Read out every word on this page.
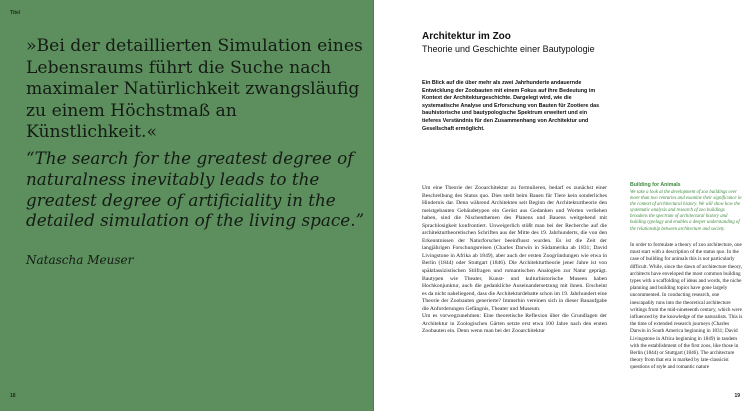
Titel
»Bei der detaillierten Simulation eines Lebensraums führt die Suche nach maximaler Natürlichkeit zwangsläufig zu einem Höchstmaß an Künstlichkeit.«
“The search for the greatest degree of naturalness inevitably leads to the greatest degree of artificiality in the detailed simulation of the living space.”
Natascha Meuser
18
Architektur im Zoo
Theorie und Geschichte einer Bautypologie
Ein Blick auf die über mehr als zwei Jahrhunderte andauernde Entwicklung der Zoobauten mit einem Fokus auf ihre Bedeutung im Kontext der Architekturgeschichte. Dargelegt wird, wie die systematische Analyse und Erforschung von Bauten für Zootiere das bauhistorische und bautypologische Spektrum erweitert und ein tieferes Verständnis für den Zusammenhang von Architektur und Gesellschaft ermöglicht.

Um eine Theorie der Zooarchitektur zu formulieren, bedarf es zunächst einer Beschreibung des Status quo. Dies stellt beim Bauen für Tiere kein sonderliches Hindernis dar. Denn während Architekten seit Beginn der Architekturtheorie den meistgebauten Gebäudetypen ein Gerüst aus Gedanken und Worten verliehen haben, sind die Nischenthemen des Planens und Bauens weitgehend mit Sprachlosigkeit konfrontiert. Unweigerlich stößt man bei der Recherche auf die architekturtheoretischen Schriften aus der Mitte des 19. Jahrhunderts, die von den Erkenntnissen der Naturforscher beeinflusst wurden. Es ist die Zeit der langjährigen Forschungsreisen (Charles Darwin in Südamerika ab 1831; David Livingstone in Afrika ab 1849), aber auch der ersten Zoogründungen wie etwa in Berlin (1844) oder Stuttgart (1846). Die Architekturtheorie jener Jahre ist von späktlassizistischen Stilfragen und romantischen Analogien zur Natur geprägt. Bautypen wie Theater, Kunst- und kulturhistorische Museen haben Hochkonjunktur, auch die gedankliche Auseinandersetzung mit ihnen. Erscheint es da nicht naheliegend, dass die Architekturdebatte schon im 19. Jahrhundert eine Theorie der Zoobauten generierte? Immerhin vereinen sich in dieser Bauaufgabe die Anforderungen Gefängnis, Theater und Museum.

Um es vorwegzunehmen: Eine theoretische Reflexion über die Grundlagen der Architektur in Zoologischen Gärten setzte erst etwa 100 Jahre nach den ersten Zoobauten ein. Denn wenn man bei der Zooarchitektur

Building for Animals

We take a look at the development of zoo buildings over more than two centuries and examine their significance in the context of architectural history. We will show how the systematic analysis and research of zoo buildings broadens the spectrum of architectural history and building typology and enables a deeper understanding of the relationship between architecture and society.

In order to formulate a theory of zoo architecture, one must start with a description of the status quo. In the case of building for animals this is not particularly difficult. While, since the dawn of architecture theory, architects have enveloped the most common building types with a scaffolding of ideas and words, the niche planning and building topics have gone largely uncommented. In conducting research, one inescapably runs into the theoretical architecture writings from the mid-nineteenth century, which were influenced by the knowledge of the naturalists. This is the time of extended research journeys (Charles Darwin in South America beginning in 1831; David Livingstone in Africa beginning in 1849) in tandem with the establishment of the first zoos, like those in Berlin (1844) or Stuttgart (1846). The architecture theory from that era is marked by late-classicist questions of style and romantic nature

19
